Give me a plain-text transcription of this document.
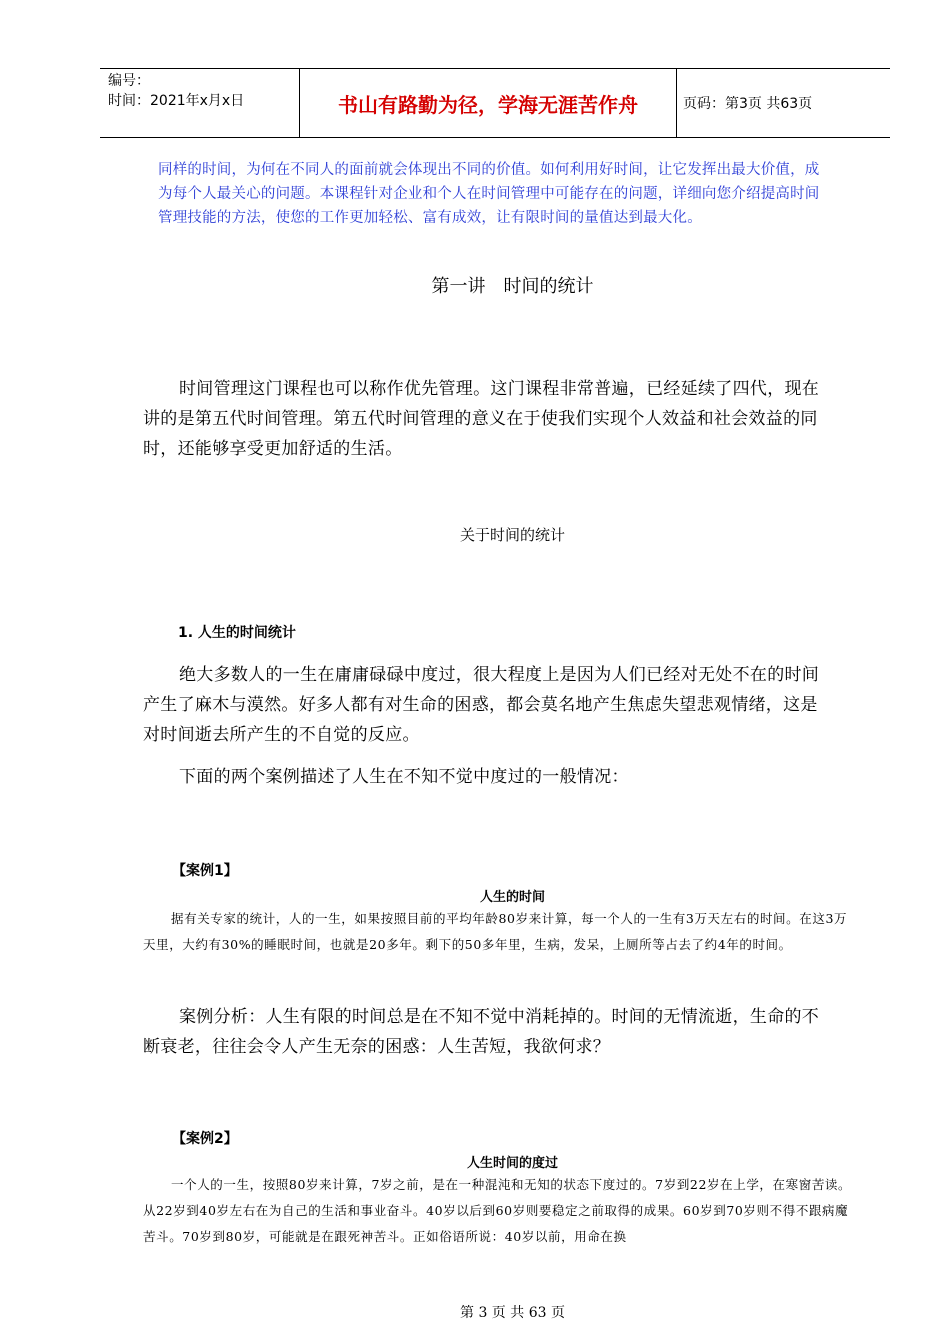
编号：
时间：2021年x月x日	书山有路勤为径，学海无涯苦作舟	页码：第3页 共63页
同样的时间，为何在不同人的面前就会体现出不同的价值。如何利用好时间，让它发挥出最大价值，成为每个人最关心的问题。本课程针对企业和个人在时间管理中可能存在的问题，详细向您介绍提高时间管理技能的方法，使您的工作更加轻松、富有成效，让有限时间的量值达到最大化。
第一讲　时间的统计
时间管理这门课程也可以称作优先管理。这门课程非常普遍，已经延续了四代，现在讲的是第五代时间管理。第五代时间管理的意义在于使我们实现个人效益和社会效益的同时，还能够享受更加舒适的生活。
关于时间的统计
1. 人生的时间统计
绝大多数人的一生在庸庸碌碌中度过，很大程度上是因为人们已经对无处不在的时间产生了麻木与漠然。好多人都有对生命的困惑，都会莫名地产生焦虑失望悲观情绪，这是对时间逝去所产生的不自觉的反应。
下面的两个案例描述了人生在不知不觉中度过的一般情况：
【案例1】
人生的时间
据有关专家的统计，人的一生，如果按照目前的平均年龄80岁来计算，每一个人的一生有3万天左右的时间。在这3万天里，大约有30%的睡眠时间，也就是20多年。剩下的50多年里，生病，发呆，上厕所等占去了约4年的时间。
案例分析：人生有限的时间总是在不知不觉中消耗掉的。时间的无情流逝，生命的不断衰老，往往会令人产生无奈的困惑：人生苦短，我欲何求？
【案例2】
人生时间的度过
一个人的一生，按照80岁来计算，7岁之前，是在一种混沌和无知的状态下度过的。7岁到22岁在上学，在寒窗苦读。从22岁到40岁左右在为自己的生活和事业奋斗。40岁以后到60岁则要稳定之前取得的成果。60岁到70岁则不得不跟病魔苦斗。70岁到80岁，可能就是在跟死神苦斗。正如俗语所说：40岁以前，用命在换
第 3 页 共 63 页
